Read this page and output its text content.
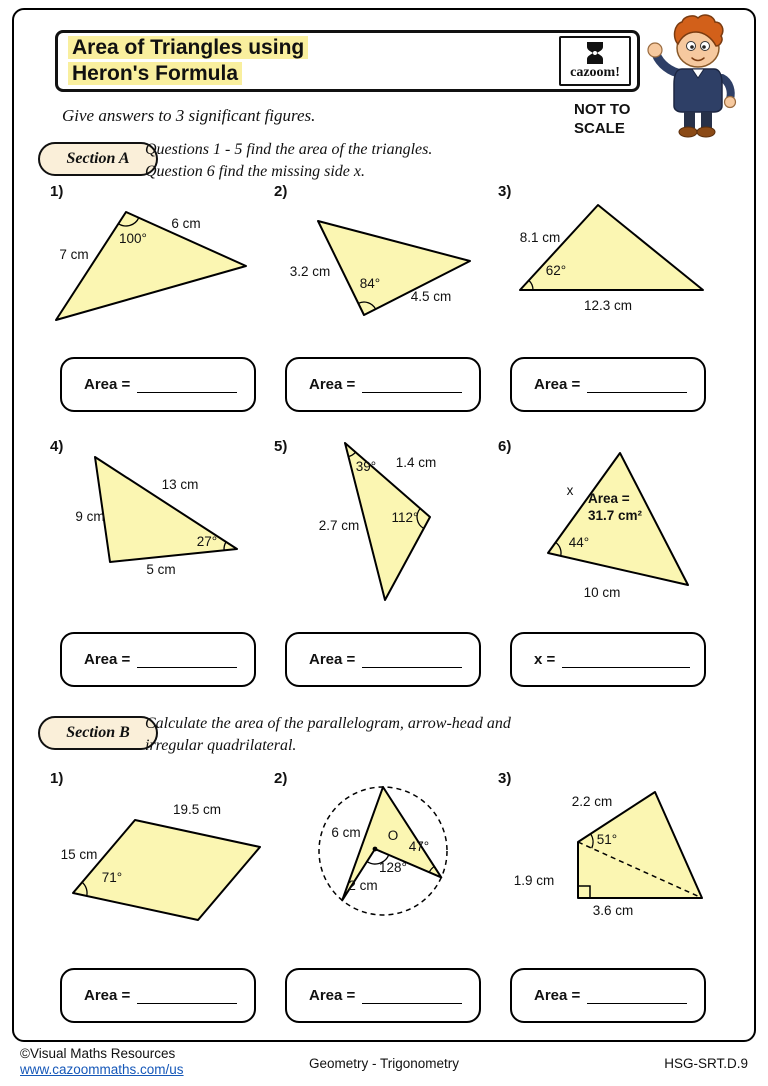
Area of Triangles using
Heron's Formula	cazoom!
Give answers to 3 significant figures.	NOT TO
SCALE
Section A
Questions 1 - 5 find the area of the triangles.
Question 6 find the missing side x.
1)	2)	3)
6 cm
100°
7 cm
3.2 cm
84°
4.5 cm
8.1 cm
62°
12.3 cm
Area =	Area =	Area =
4)	5)	6)
13 cm
9 cm
27°
5 cm
39° 1.4 cm
112°
2.7 cm
x
Area =
31.7 cm²
44°
10 cm
Area =	Area =	x =
Section B
Calculate the area of the parallelogram, arrow-head and
irregular quadrilateral.
1)	2)	3)
19.5 cm
15 cm
71°
6 cm O
47°
128°
2 cm
2.2 cm
51°
1.9 cm
3.6 cm
Area =	Area =	Area =
©Visual Maths Resources
www.cazoommaths.com/us	Geometry - Trigonometry	HSG-SRT.D.9
